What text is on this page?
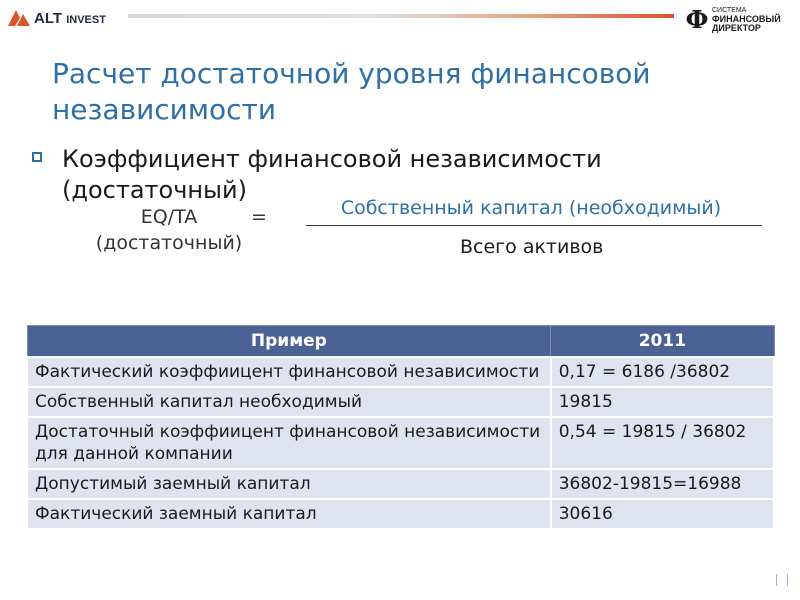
ALT INVEST	Ф СИСТЕМА
ФИНАНСОВЫЙ
ДИРЕКТОР
Расчет достаточной уровня финансовой независимости
Коэффициент финансовой независимости (достаточный)
EQ/TA
(достаточный)
=	Собственный капитал (необходимый)
Всего активов
Пример	2011
Фактический коэффиицент финансовой независимости	0,17 = 6186 /36802
Собственный капитал необходимый	19815
Достаточный коэффиицент финансовой независимости для данной компании	0,54 = 19815 / 36802
Допустимый заемный капитал	36802-19815=16988
Фактический заемный капитал	30616
